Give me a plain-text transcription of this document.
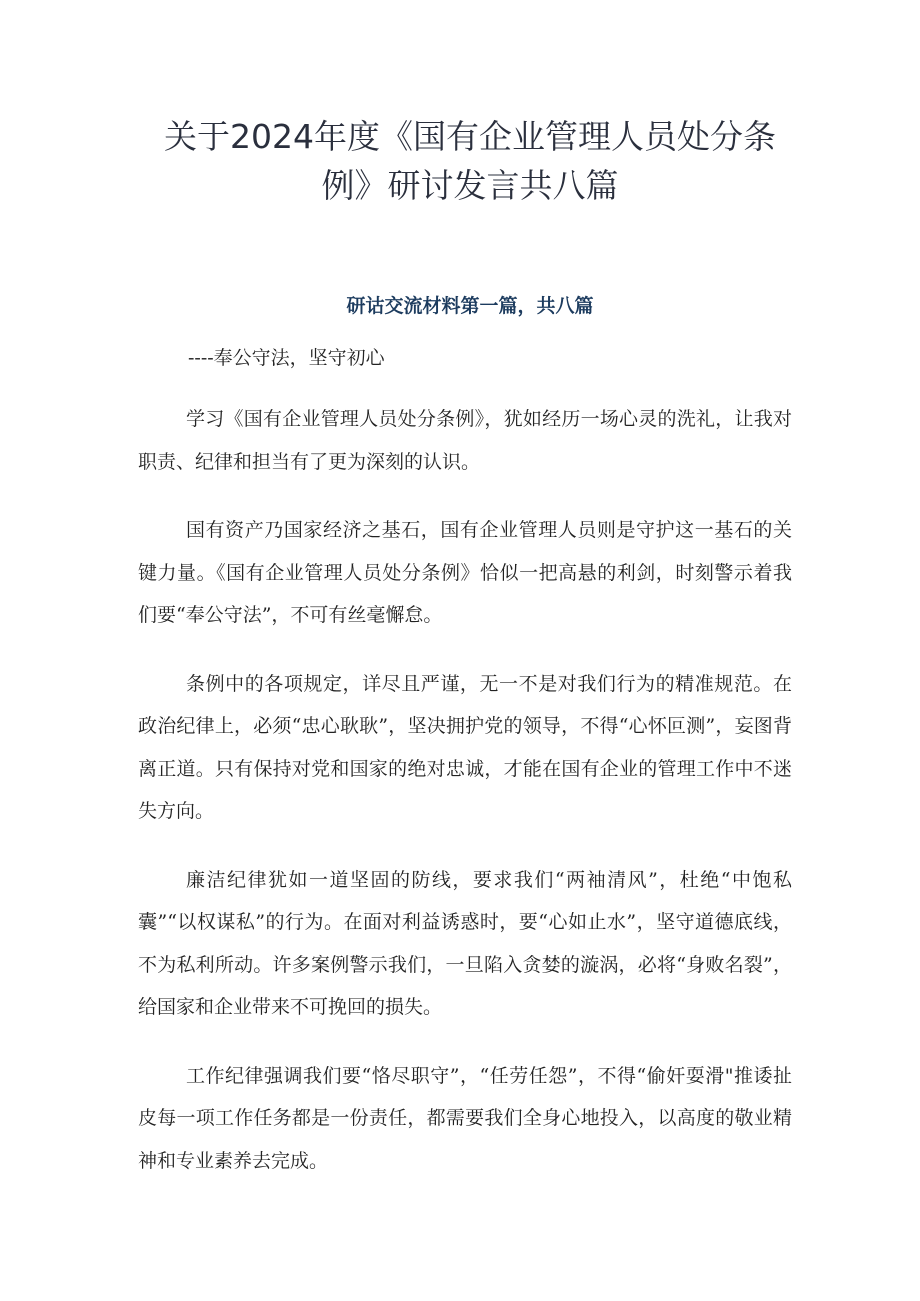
关于2024年度《国有企业管理人员处分条例》研讨发言共八篇
研诂交流材料第一篇，共八篇
----奉公守法，坚守初心

学习《国有企业管理人员处分条例》，犹如经历一场心灵的洗礼，让我对职责、纪律和担当有了更为深刻的认识。

国有资产乃国家经济之基石，国有企业管理人员则是守护这一基石的关键力量。《国有企业管理人员处分条例》恰似一把高悬的利剑，时刻警示着我们要“奉公守法”，不可有丝毫懈怠。

条例中的各项规定，详尽且严谨，无一不是对我们行为的精准规范。在政治纪律上，必须“忠心耿耿”，坚决拥护党的领导，不得“心怀叵测”，妄图背离正道。只有保持对党和国家的绝对忠诚，才能在国有企业的管理工作中不迷失方向。

廉洁纪律犹如一道坚固的防线，要求我们“两袖清风”，杜绝“中饱私囊”“以权谋私”的行为。在面对利益诱惑时，要“心如止水”，坚守道德底线，不为私利所动。许多案例警示我们，一旦陷入贪婪的漩涡，必将“身败名裂”，给国家和企业带来不可挽回的损失。

工作纪律强调我们要“恪尽职守”，“任劳任怨”，不得“偷奸耍滑"推诿扯皮每一项工作任务都是一份责任，都需要我们全身心地投入，以高度的敬业精神和专业素养去完成。
